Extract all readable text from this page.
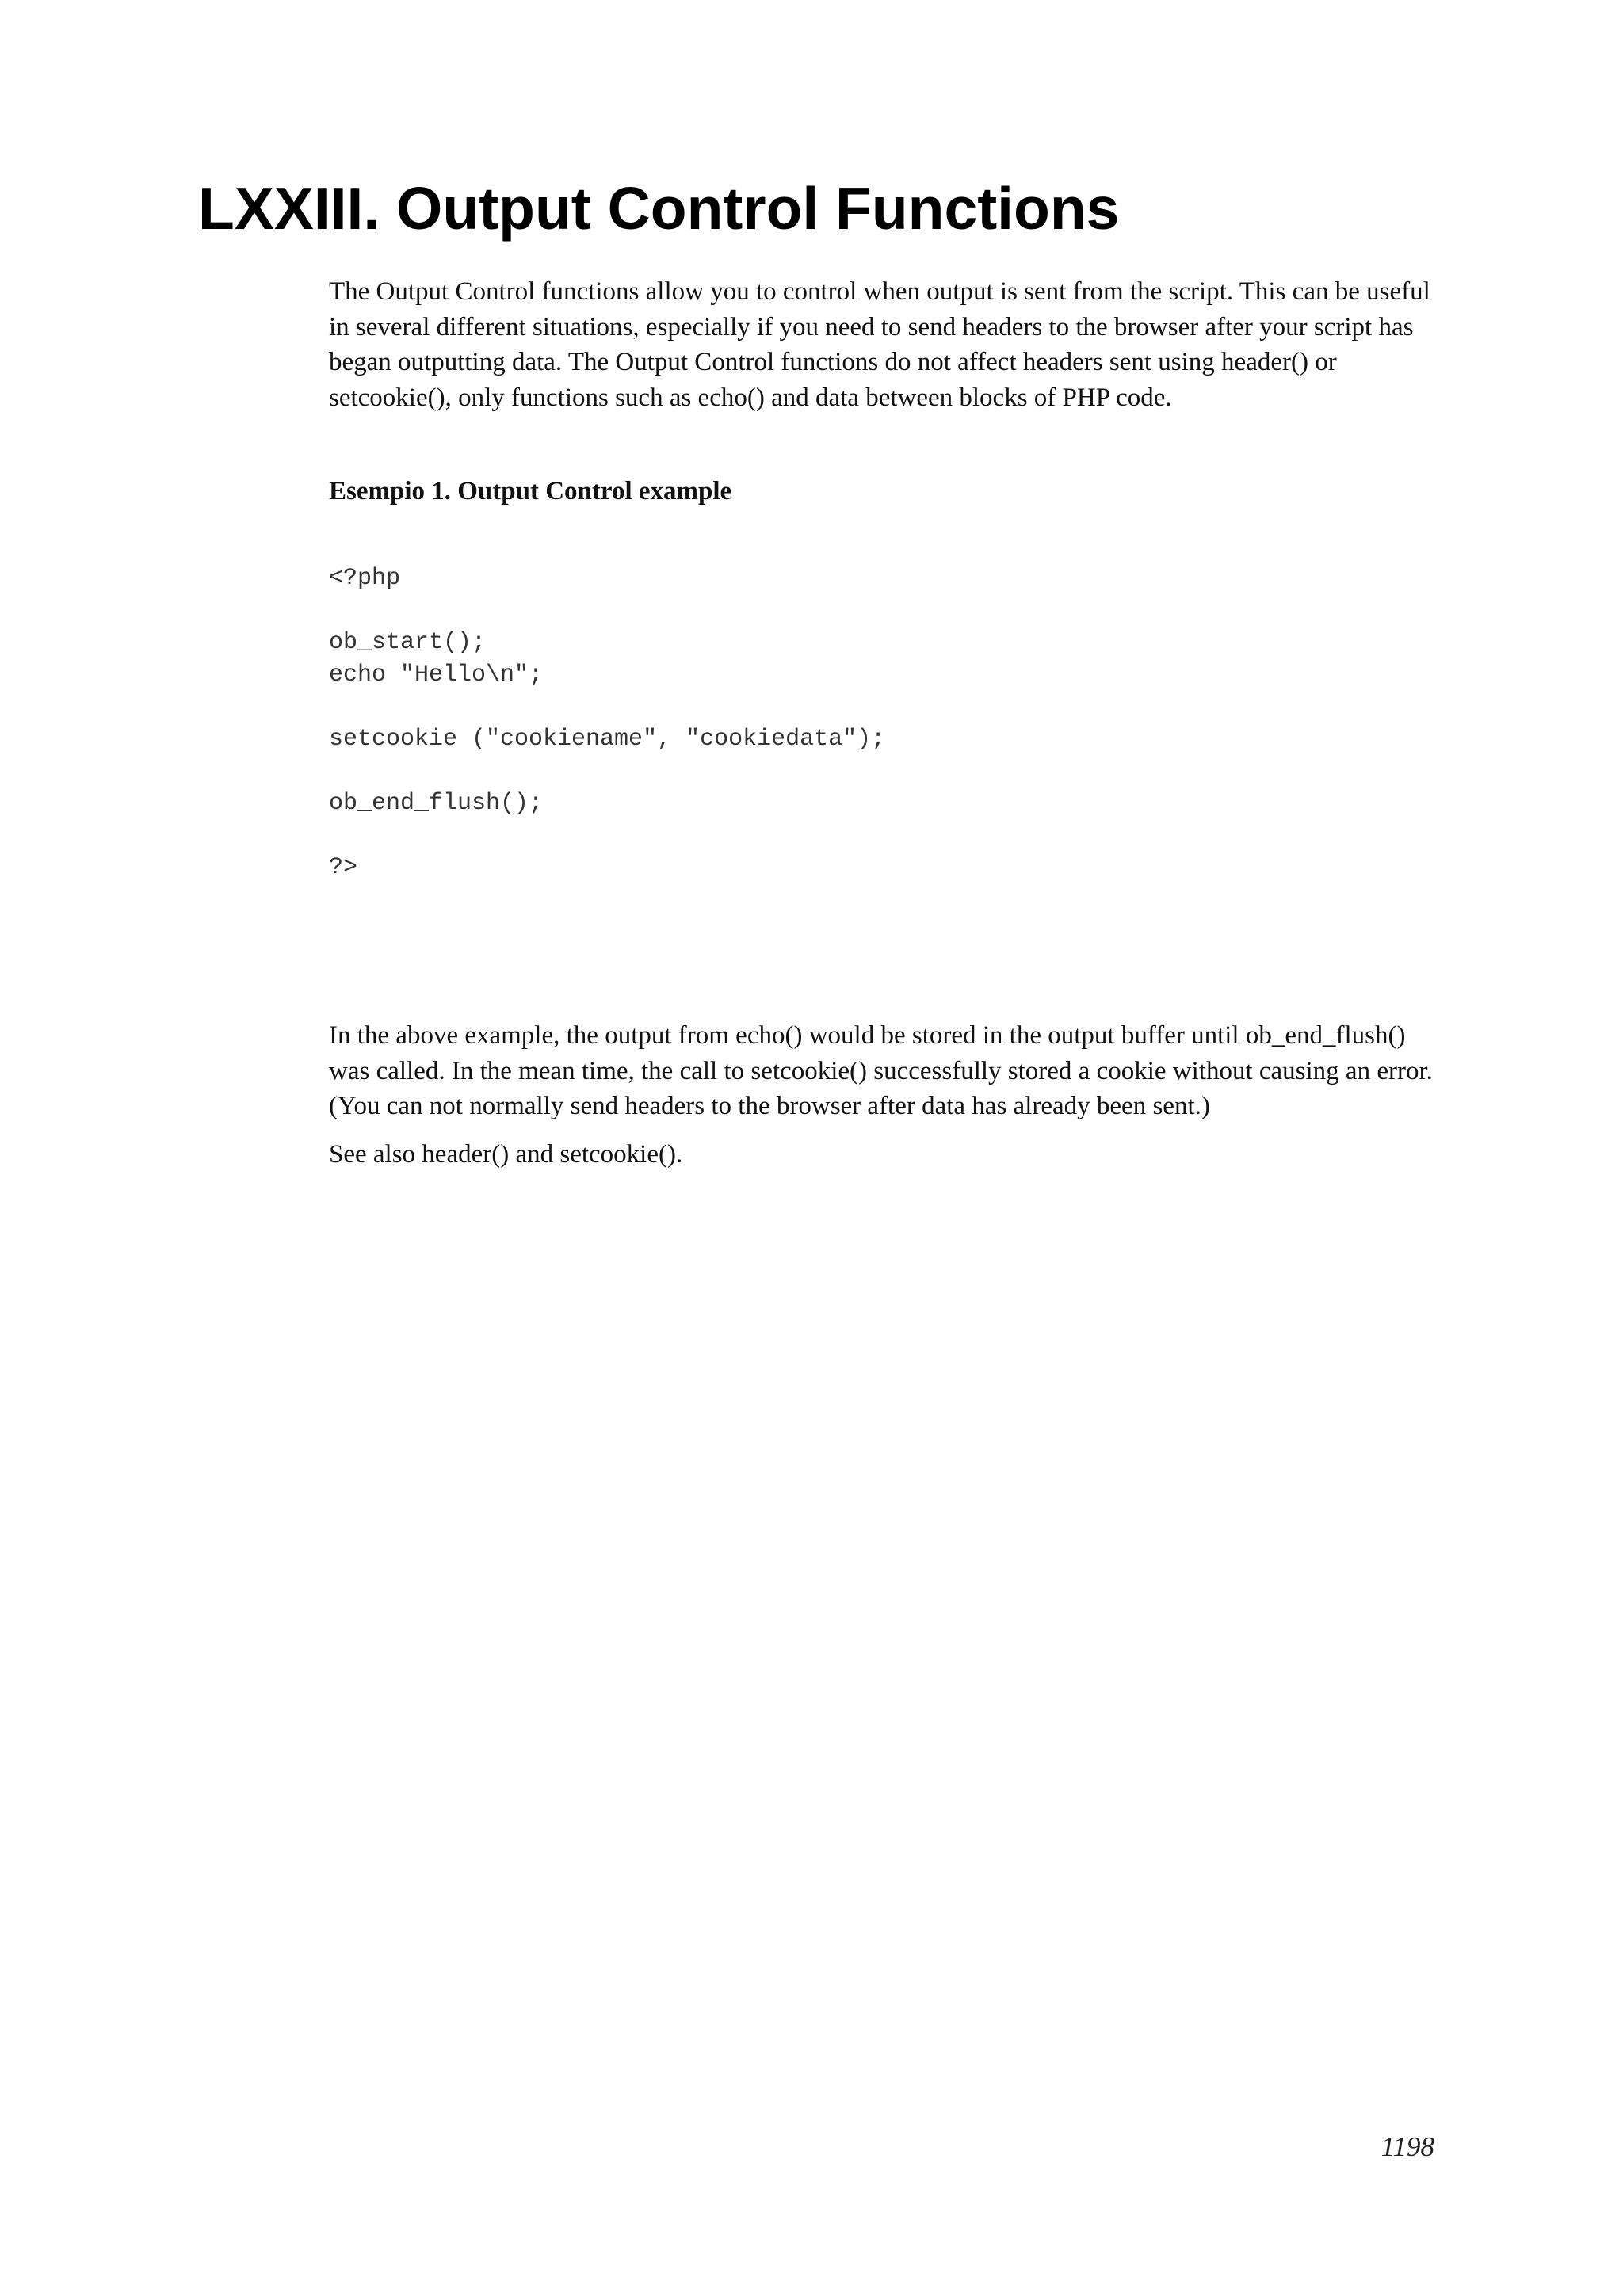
LXXIII. Output Control Functions

The Output Control functions allow you to control when output is sent from the script. This can be useful in several different situations, especially if you need to send headers to the browser after your script has began outputting data. The Output Control functions do not affect headers sent using header() or setcookie(), only functions such as echo() and data between blocks of PHP code.

Esempio 1. Output Control example
<?php

ob_start();
echo "Hello\n";

setcookie ("cookiename", "cookiedata");

ob_end_flush();

?>

In the above example, the output from echo() would be stored in the output buffer until ob_end_flush() was called. In the mean time, the call to setcookie() successfully stored a cookie without causing an error. (You can not normally send headers to the browser after data has already been sent.)

See also header() and setcookie().

1198
